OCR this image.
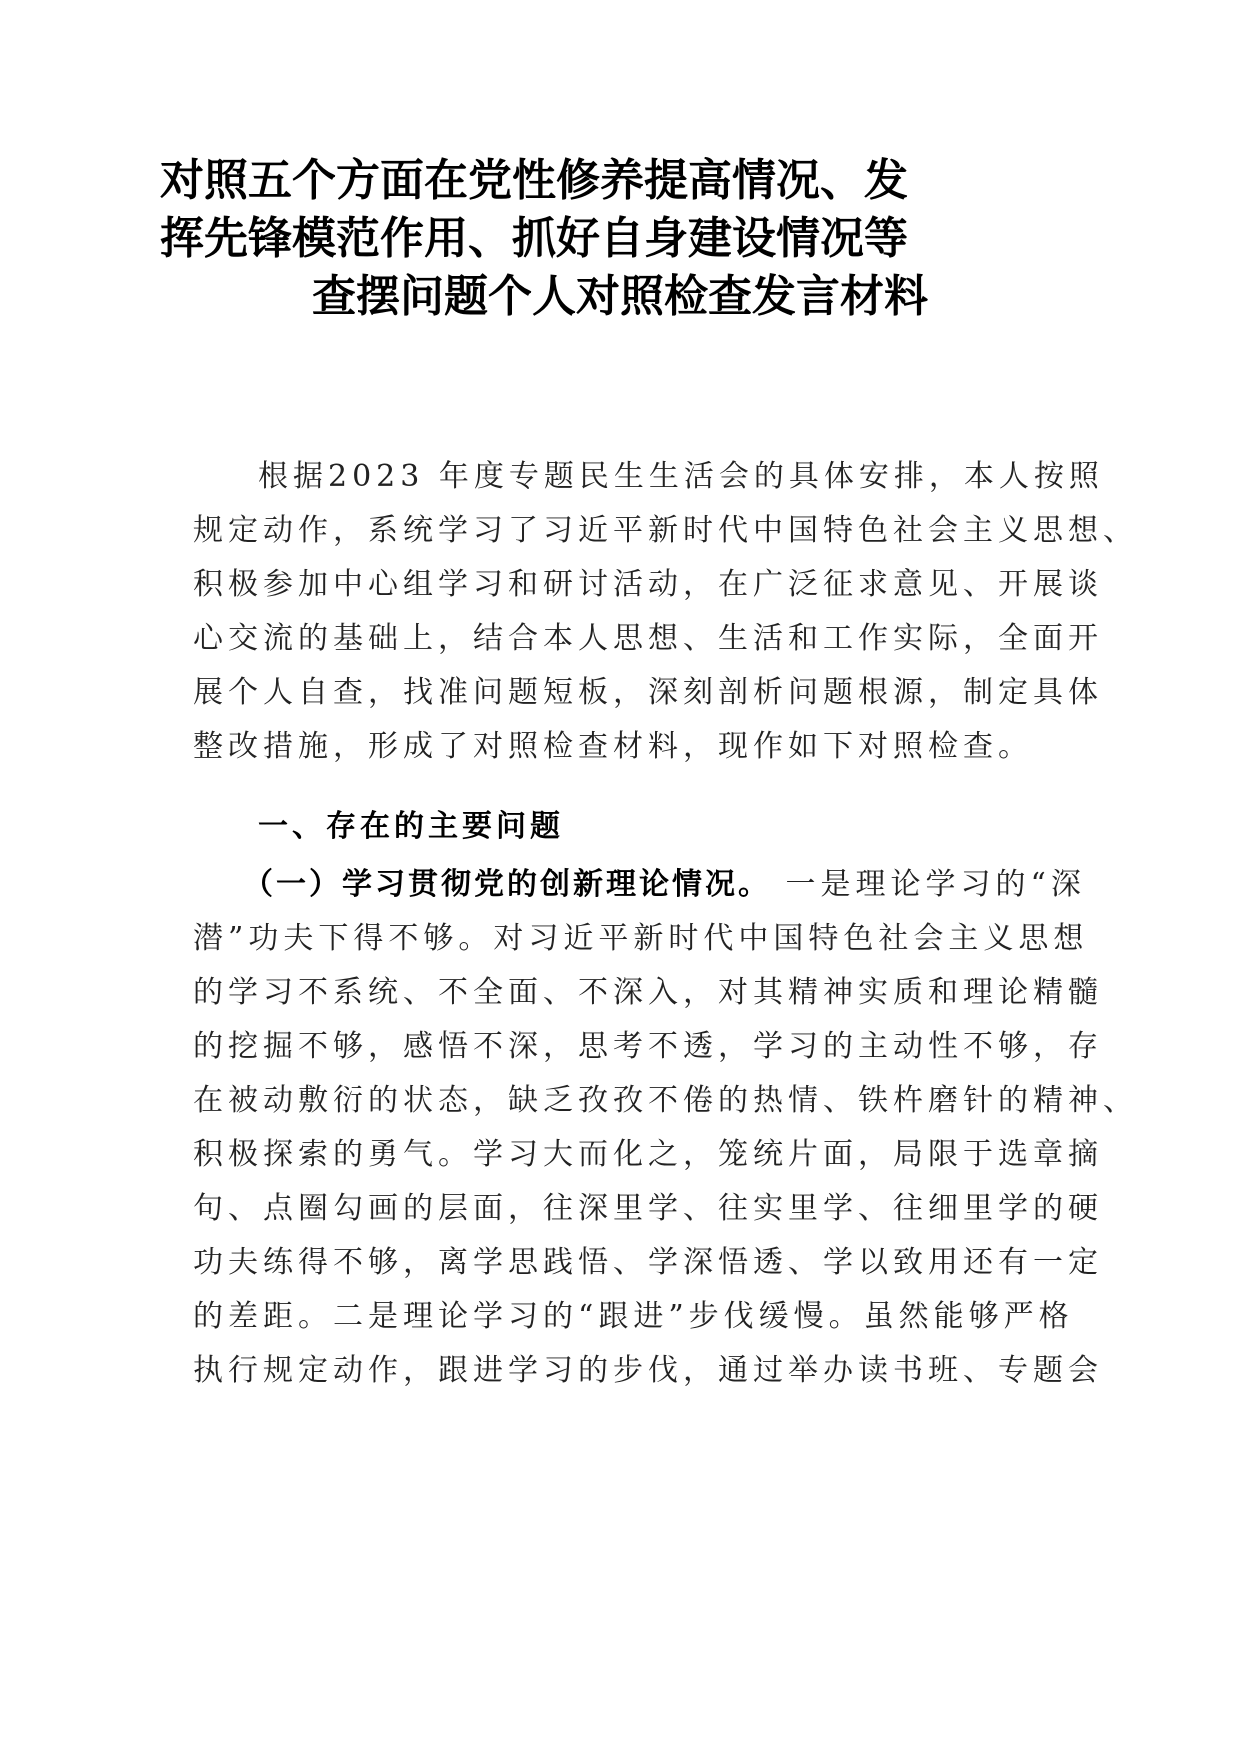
对照五个方面在党性修养提高情况、发
挥先锋模范作用、抓好自身建设情况等
查摆问题个人对照检查发言材料
根据2023 年度专题民生生活会的具体安排，本人按照
规定动作，系统学习了习近平新时代中国特色社会主义思想、
积极参加中心组学习和研讨活动，在广泛征求意见、开展谈
心交流的基础上，结合本人思想、生活和工作实际，全面开
展个人自查，找准问题短板，深刻剖析问题根源，制定具体
整改措施，形成了对照检查材料，现作如下对照检查。
一、存在的主要问题
（一）学习贯彻党的创新理论情况。 一是理论学习的“深
潜”功夫下得不够。对习近平新时代中国特色社会主义思想
的学习不系统、不全面、不深入，对其精神实质和理论精髓
的挖掘不够，感悟不深，思考不透，学习的主动性不够，存
在被动敷衍的状态，缺乏孜孜不倦的热情、铁杵磨针的精神、
积极探索的勇气。学习大而化之，笼统片面，局限于选章摘
句、点圈勾画的层面，往深里学、往实里学、往细里学的硬
功夫练得不够，离学思践悟、学深悟透、学以致用还有一定
的差距。二是理论学习的“跟进”步伐缓慢。虽然能够严格
执行规定动作，跟进学习的步伐，通过举办读书班、专题会
